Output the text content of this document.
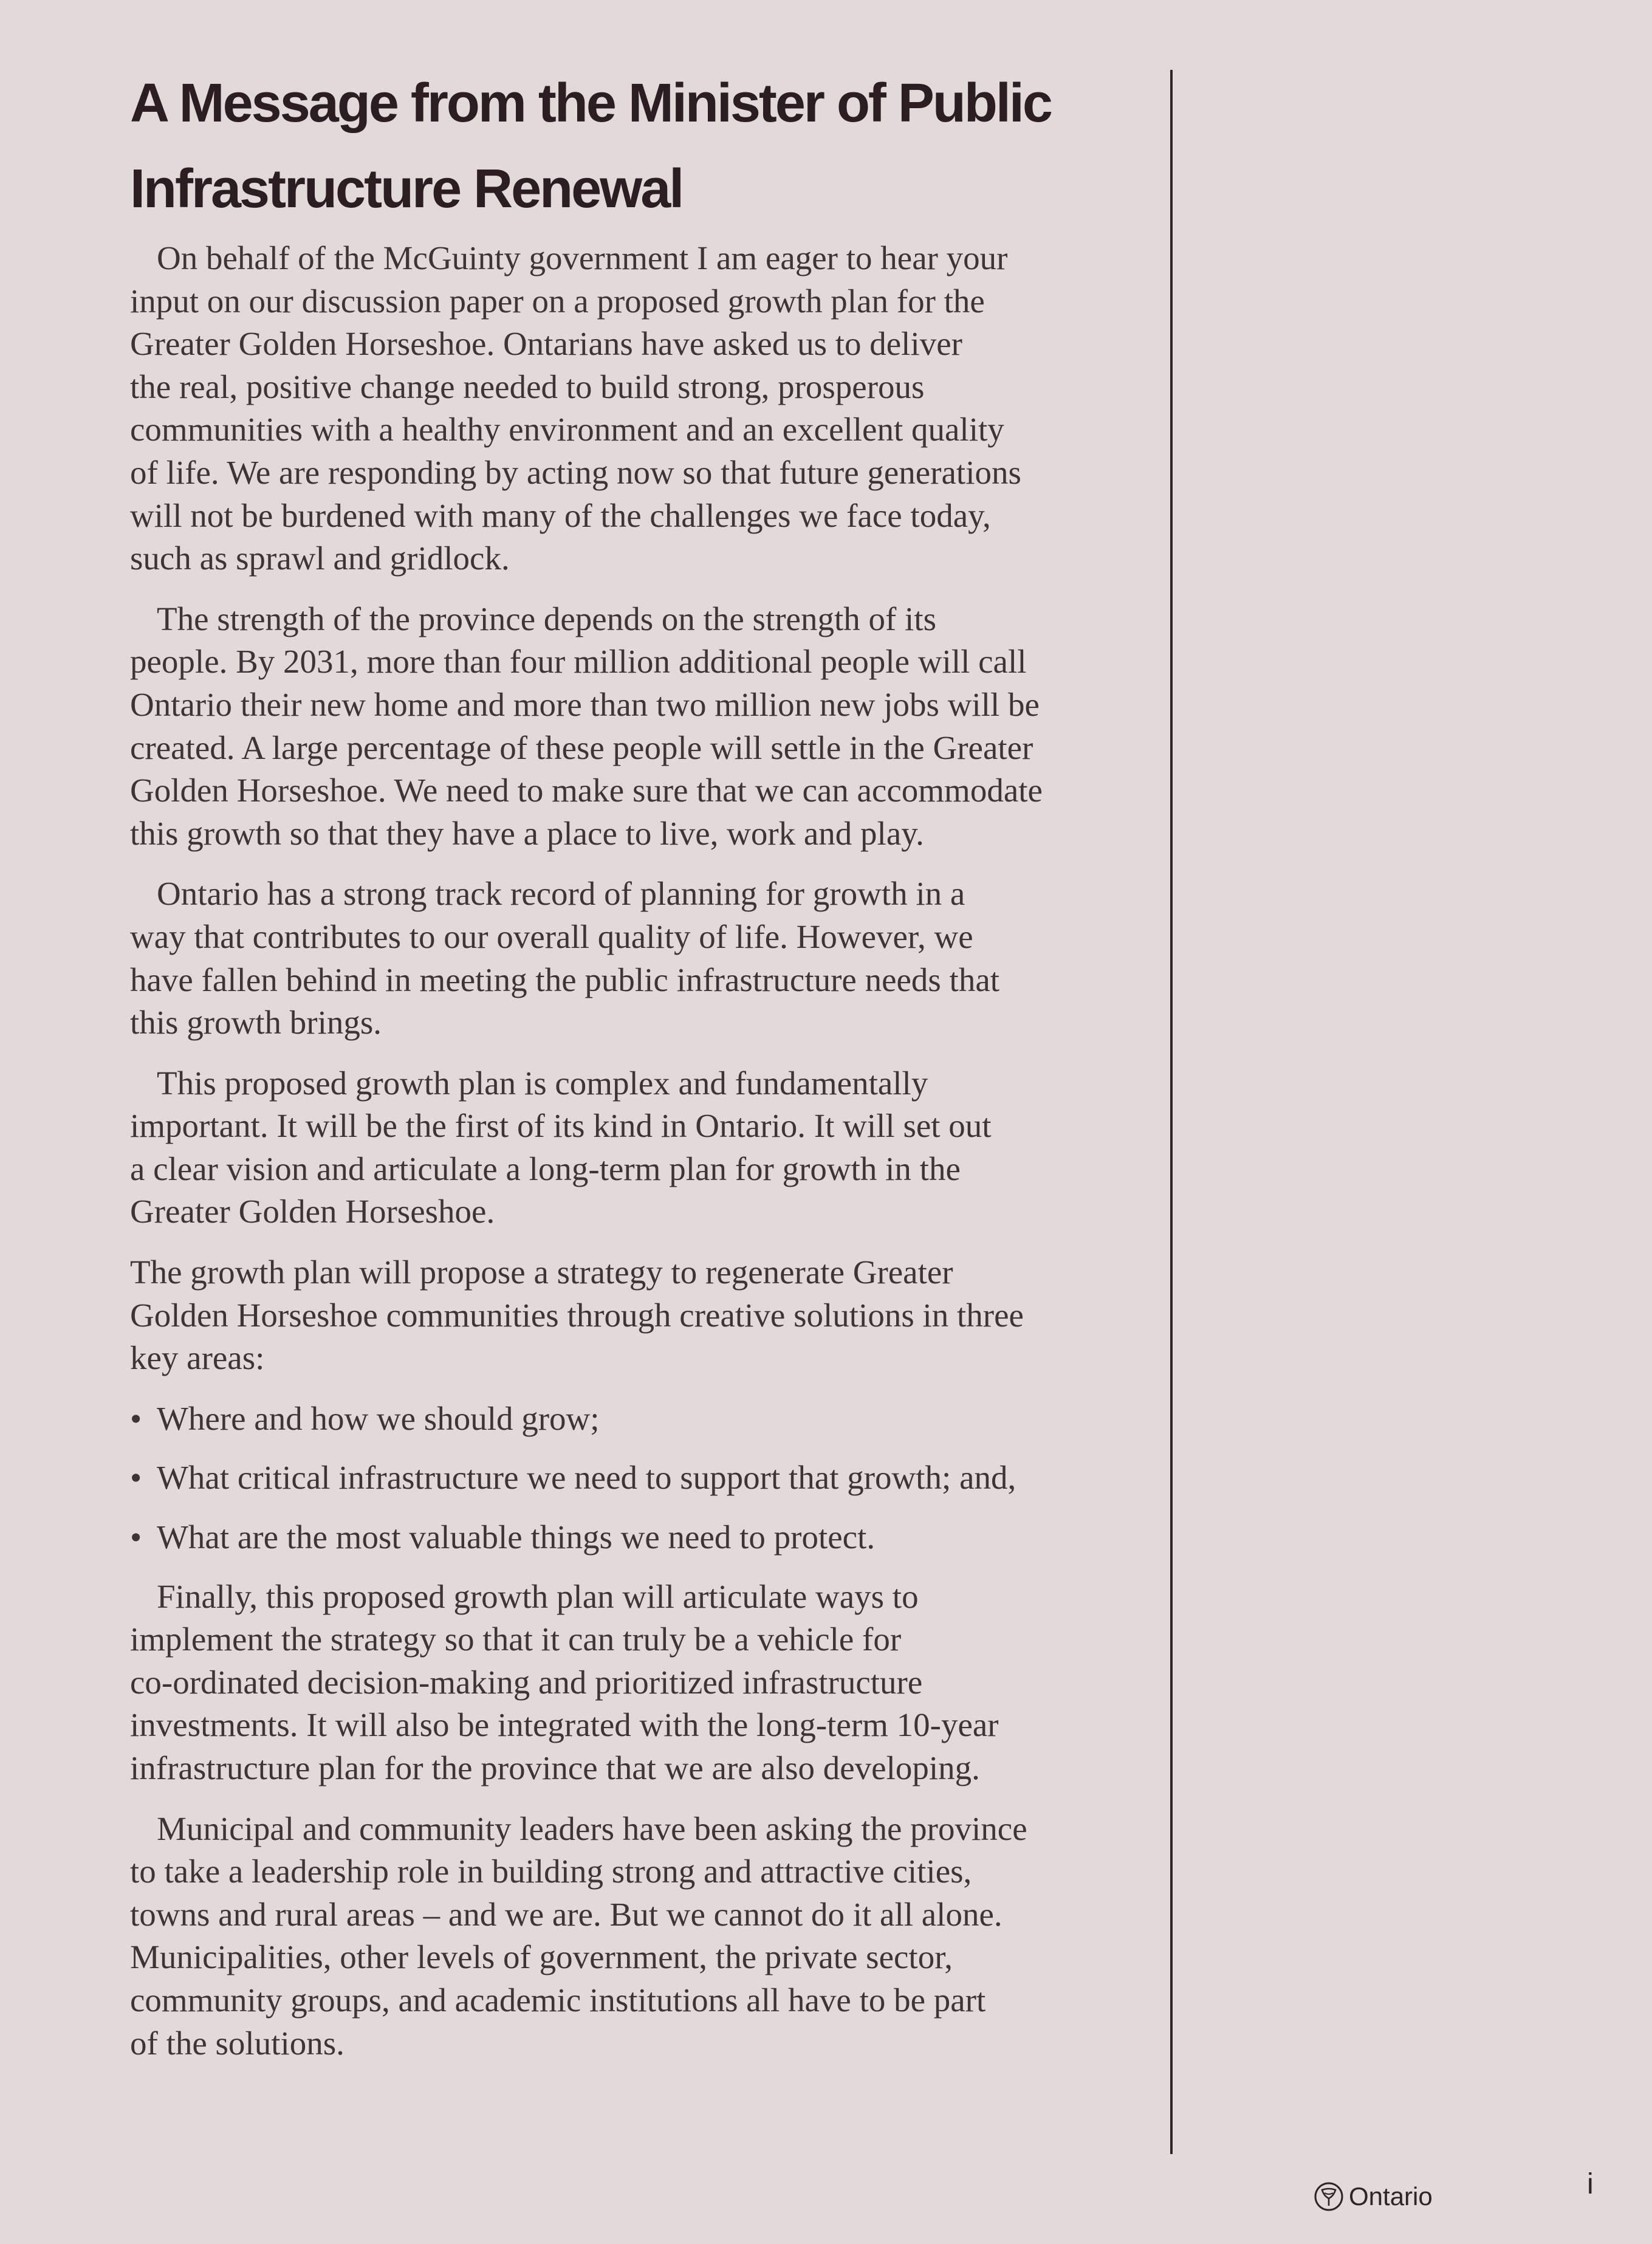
A Message from the Minister of Public
Infrastructure Renewal

On behalf of the McGuinty government I am eager to hear your
input on our discussion paper on a proposed growth plan for the
Greater Golden Horseshoe. Ontarians have asked us to deliver
the real, positive change needed to build strong, prosperous
communities with a healthy environment and an excellent quality
of life. We are responding by acting now so that future generations
will not be burdened with many of the challenges we face today,
such as sprawl and gridlock.

The strength of the province depends on the strength of its
people. By 2031, more than four million additional people will call
Ontario their new home and more than two million new jobs will be
created. A large percentage of these people will settle in the Greater
Golden Horseshoe. We need to make sure that we can accommodate
this growth so that they have a place to live, work and play.

Ontario has a strong track record of planning for growth in a
way that contributes to our overall quality of life. However, we
have fallen behind in meeting the public infrastructure needs that
this growth brings.

This proposed growth plan is complex and fundamentally
important. It will be the first of its kind in Ontario. It will set out
a clear vision and articulate a long-term plan for growth in the
Greater Golden Horseshoe.

The growth plan will propose a strategy to regenerate Greater
Golden Horseshoe communities through creative solutions in three
key areas:

• Where and how we should grow;

• What critical infrastructure we need to support that growth; and,

• What are the most valuable things we need to protect.

Finally, this proposed growth plan will articulate ways to
implement the strategy so that it can truly be a vehicle for
co-ordinated decision-making and prioritized infrastructure
investments. It will also be integrated with the long-term 10-year
infrastructure plan for the province that we are also developing.

Municipal and community leaders have been asking the province
to take a leadership role in building strong and attractive cities,
towns and rural areas – and we are. But we cannot do it all alone.
Municipalities, other levels of government, the private sector,
community groups, and academic institutions all have to be part
of the solutions.

Ontario	i
